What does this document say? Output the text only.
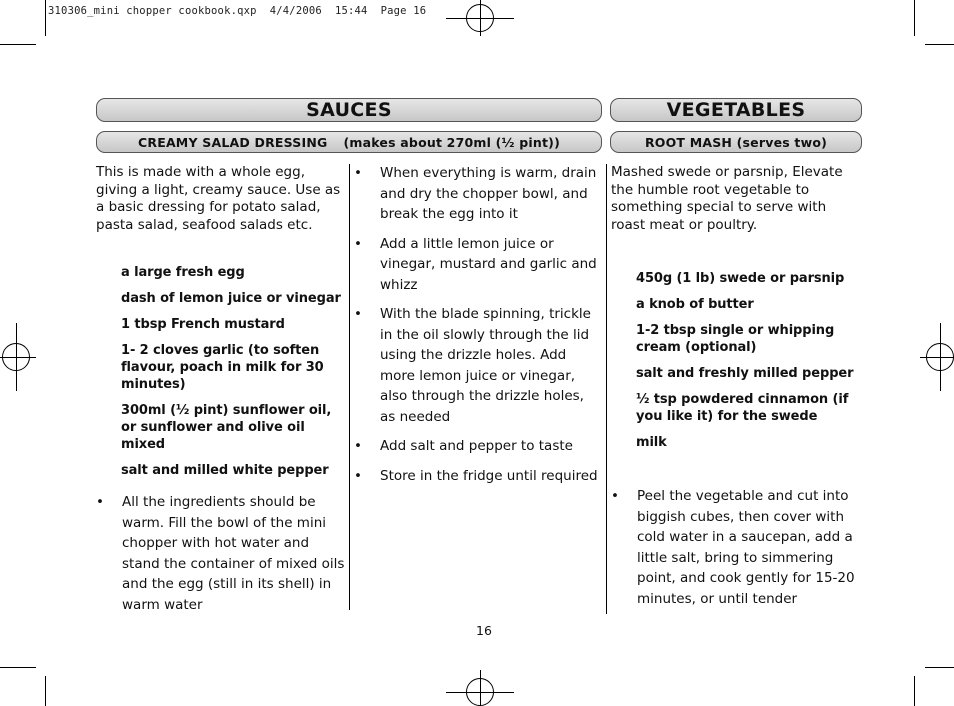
310306_mini chopper cookbook.qxp  4/4/2006  15:44  Page 16
SAUCES	VEGETABLES
CREAMY SALAD DRESSING (makes about 270ml (½ pint))	ROOT MASH (serves two)
This is made with a whole egg, giving a light, creamy sauce. Use as a basic dressing for potato salad, pasta salad, seafood salads etc.
a large fresh egg
dash of lemon juice or vinegar
1 tbsp French mustard
1- 2 cloves garlic (to soften flavour, poach in milk for 30 minutes)
300ml (½ pint) sunflower oil, or sunflower and olive oil mixed
salt and milled white pepper
• All the ingredients should be warm. Fill the bowl of the mini chopper with hot water and stand the container of mixed oils and the egg (still in its shell) in warm water
• When everything is warm, drain and dry the chopper bowl, and break the egg into it
• Add a little lemon juice or vinegar, mustard and garlic and whizz
• With the blade spinning, trickle in the oil slowly through the lid using the drizzle holes. Add more lemon juice or vinegar, also through the drizzle holes, as needed
• Add salt and pepper to taste
• Store in the fridge until required
Mashed swede or parsnip, Elevate the humble root vegetable to something special to serve with roast meat or poultry.
450g (1 lb) swede or parsnip
a knob of butter
1-2 tbsp single or whipping cream (optional)
salt and freshly milled pepper
½ tsp powdered cinnamon (if you like it) for the swede
milk
• Peel the vegetable and cut into biggish cubes, then cover with cold water in a saucepan, add a little salt, bring to simmering point, and cook gently for 15-20 minutes, or until tender
16
